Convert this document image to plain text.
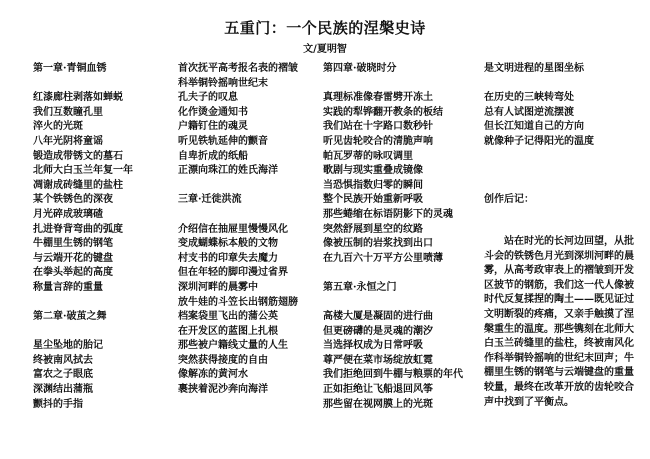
五重门：一个民族的涅槃史诗
文/夏明智
第一章·青铜血锈
红漆廊柱剥落如蝉蜕
我们互数瞳孔里
淬火的光斑
八年光阴将童谣
锻造成带锈文的墓石
北师大白玉兰年复一年
凋谢成砖缝里的盐柱
某个铁锈色的深夜
月光碎成玻璃碴
扎进脊背弯曲的弧度
牛棚里生锈的钢笔
与云端开花的键盘
在拳头举起的高度
称量言辞的重量
第二章·破茧之舞
星尘坠地的胎记
终被南风拭去
富农之子眼底
深渊结出蒲瓶
颤抖的手指
首次抚平高考报名表的褶皱
科举铜铃摇响世纪末
孔夫子的叹息
化作烫金通知书
户籍钉住的魂灵
听见铁轨延伸的颤音
自卑折成的纸船
正漂向珠江的姓氏海洋
三章·迁徙洪流
介绍信在抽屉里慢慢风化
变成蝴蝶标本般的文物
村支书的印章失去魔力
但在年轻的脚印漫过省界
深圳河畔的晨雾中
放牛娃的斗笠长出钢筋翅膀
档案袋里飞出的蒲公英
在开发区的蓝图上扎根
那些被户籍线丈量的人生
突然获得接度的自由
像解冻的黄河水
裹挟着泥沙奔向海洋
第四章·破晓时分
真理标准像春雷劈开冻土
实践的犁铧翻开教条的板结
我们站在十字路口数秒针
听见齿轮咬合的清脆声响
帕瓦罗蒂的咏叹调里
歌剧与现实重叠成镜像
当恐惧指数归零的瞬间
整个民族开始重新呼吸
那些蜷缩在标语阴影下的灵魂
突然舒展到星空的纹路
像被压制的岩浆找到出口
在九百六十万平方公里喷薄
第五章·永恒之门
高楼大厦是凝固的进行曲
但更磅礴的是灵魂的潮汐
当选择权成为日常呼吸
尊严便在菜市场绽放虹霓
我们拒绝回到牛棚与粮票的年代
正如拒绝让飞船退回风筝
那些留在视网膜上的光斑
是文明进程的星图坐标
在历史的三峡转弯处
总有人试图逆流摆渡
但长江知道自己的方向
就像种子记得阳光的温度
创作后记：
站在时光的长河边回望，从批斗会的铁锈色月光到深圳河畔的晨雾，从高考政审表上的褶皱到开发区披节的钢筋，我们这一代人像被时代反复揉捏的陶土——既见证过文明断裂的疼痛，又亲手触摸了涅槃重生的温度。那些镌刻在北师大白玉兰砖缝里的盐柱，终被南风化作科举铜铃摇响的世纪末回声；牛棚里生锈的钢笔与云端键盘的重量较量，最终在改革开放的齿轮咬合声中找到了平衡点。
